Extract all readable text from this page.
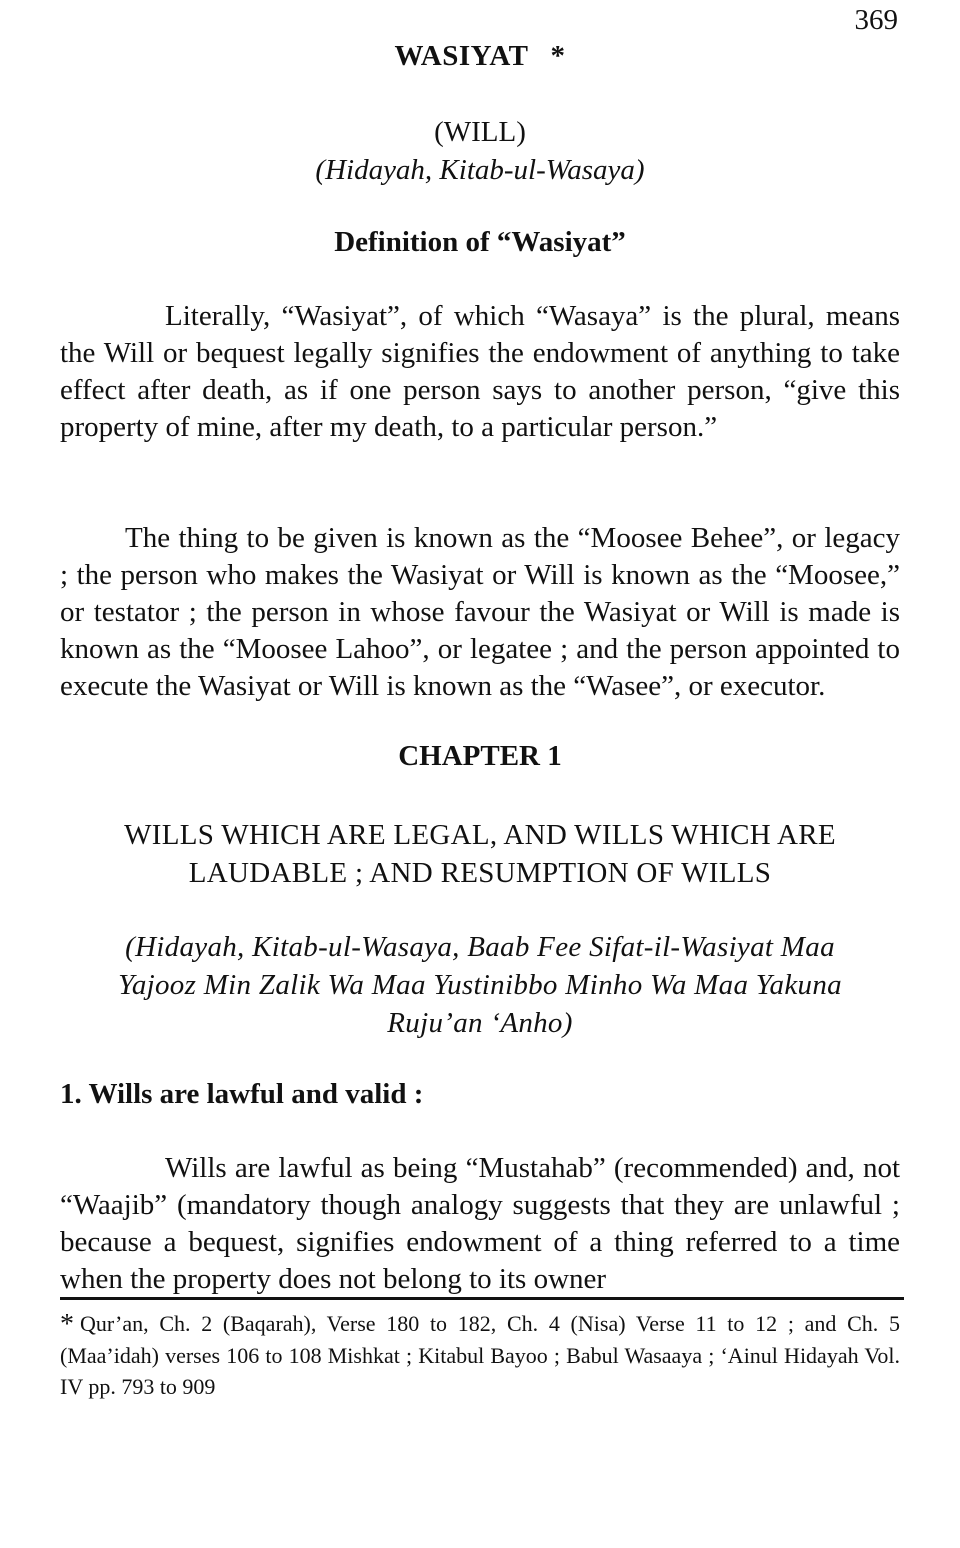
369
WASIYAT *
(WILL)
(Hidayah, Kitab-ul-Wasaya)
Definition of “Wasiyat”

Literally, “Wasiyat”, of which “Wasaya” is the plural, means the Will or bequest legally signifies the endowment of anything to take effect after death, as if one person says to another person, “give this property of mine, after my death, to a particular person.”

The thing to be given is known as the “Moosee Behee”, or legacy ; the person who makes the Wasiyat or Will is known as the “Moosee,” or testator ; the person in whose favour the Wasiyat or Will is made is known as the “Moosee Lahoo”, or legatee ; and the person appointed to execute the Wasiyat or Will is known as the “Wasee”, or executor.

CHAPTER 1
WILLS WHICH ARE LEGAL, AND WILLS WHICH ARE
LAUDABLE ; AND RESUMPTION OF WILLS
(Hidayah, Kitab-ul-Wasaya, Baab Fee Sifat-il-Wasiyat Maa
Yajooz Min Zalik Wa Maa Yustinibbo Minho Wa Maa Yakuna
Ruju’an ‘Anho)
1. Wills are lawful and valid :

Wills are lawful as being “Mustahab” (recommended) and, not “Waajib” (mandatory though analogy suggests that they are unlawful ; because a bequest, signifies endowment of a thing referred to a time when the property does not belong to its owner

* Qur’an, Ch. 2 (Baqarah), Verse 180 to 182, Ch. 4 (Nisa) Verse 11 to 12 ; and Ch. 5 (Maa’idah) verses 106 to 108 Mishkat ; Kitabul Bayoo ; Babul Wasaaya ; ‘Ainul Hidayah Vol. IV pp. 793 to 909
